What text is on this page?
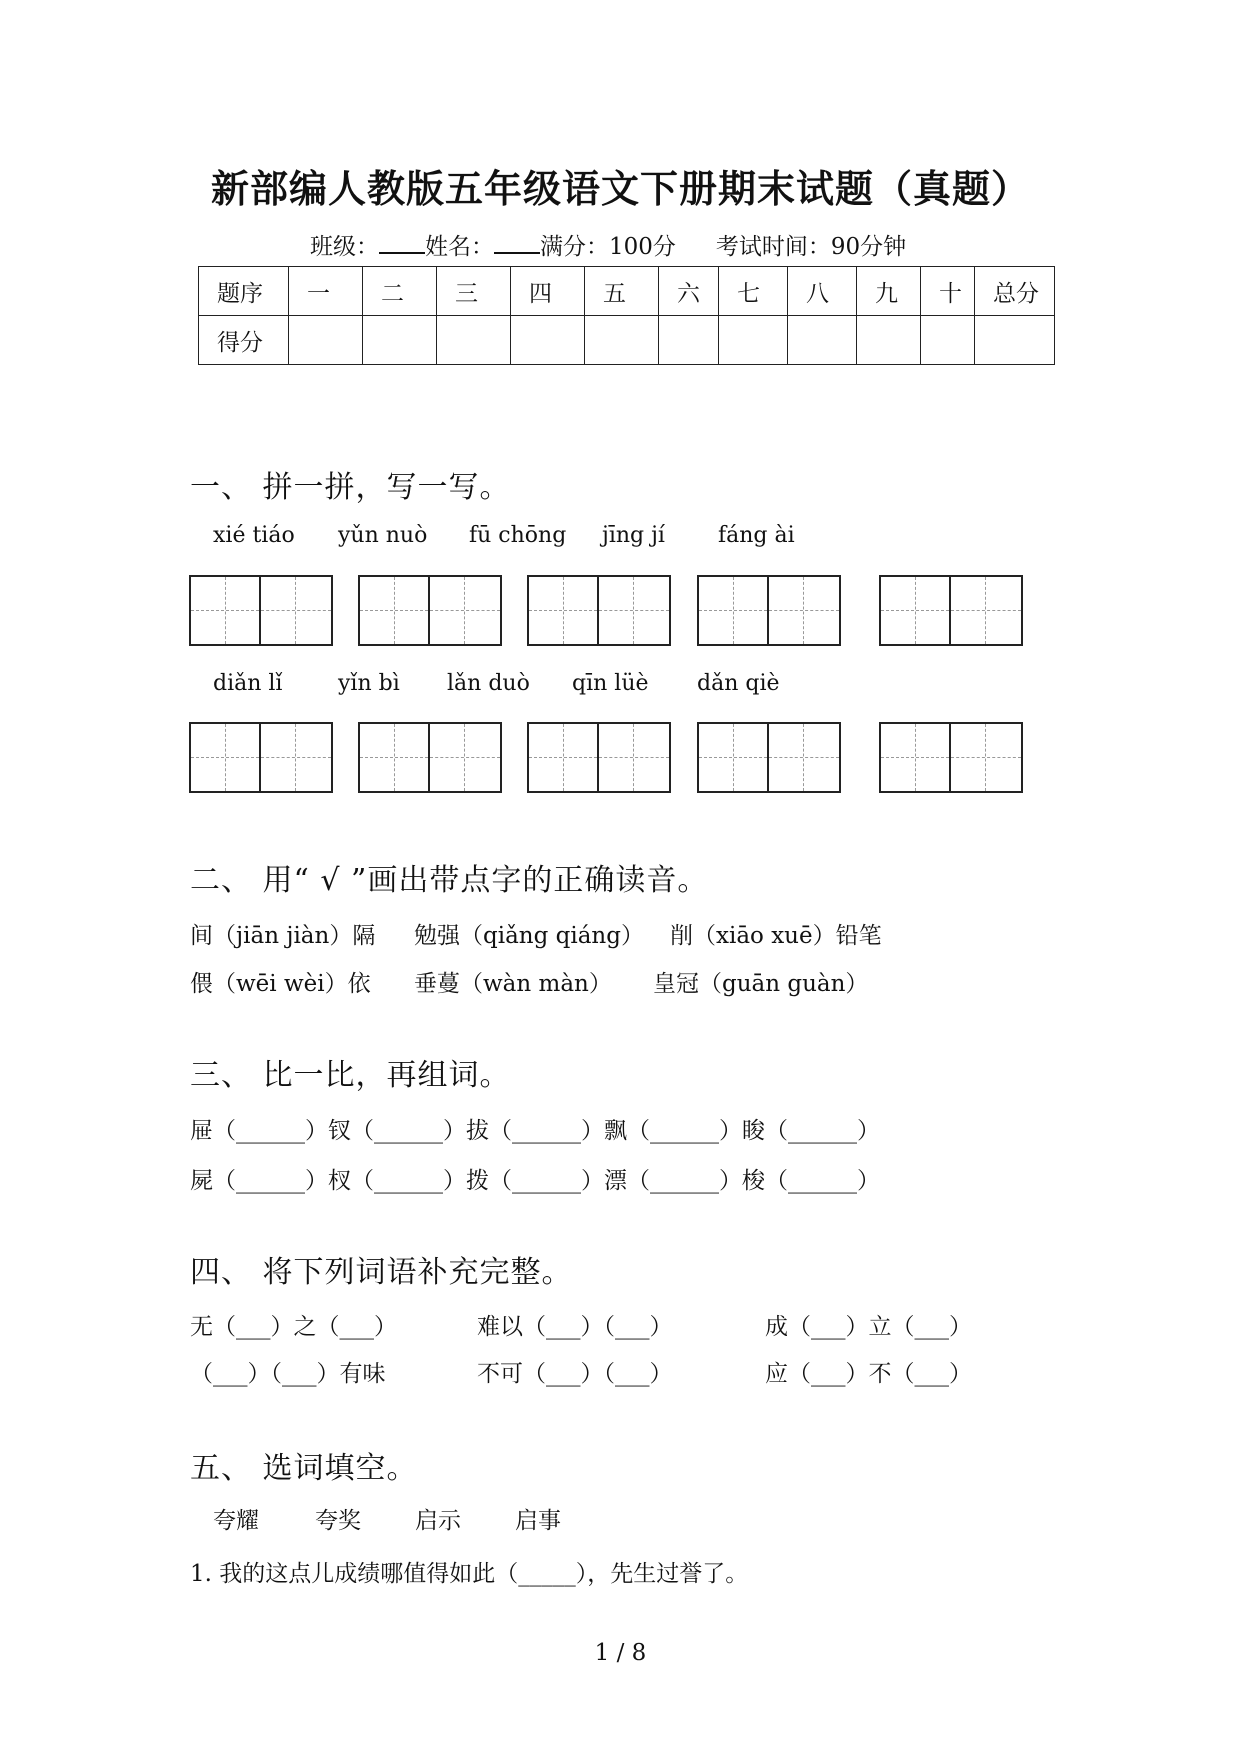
新部编人教版五年级语文下册期末试题（真题）
班级： 姓名： 满分：100分 考试时间：90分钟
题序	一	二	三	四	五	六	七	八	九	十	总分
得分											
一、 拼一拼，写一写。
xié tiáo yǔn nuò fū chōng jīng jí fáng ài
diǎn lǐ	yǐn bì lǎn duò qīn lüè dǎn qiè
二、 用“ √ ”画出带点字的正确读音。
间（jiān jiàn）隔 勉强（qiǎng qiáng） 削（xiāo xuē）铅笔
偎（wēi wèi）依 垂蔓（wàn màn） 皇冠（guān guàn）
三、 比一比，再组词。
屉（______）钗（______）拔（______）飘（______）睃（______）
屍（______）杈（______）拨（______）漂（______）梭（______）
四、 将下列词语补充完整。
无（___）之（___）	难以（___）（___）	成（___）立（___）
（___）（___）有味	不可（___）（___）	应（___）不（___）
五、 选词填空。
夸耀 夸奖 启示 启事
1. 我的这点儿成绩哪值得如此（_____），先生过誉了。
1 / 8
